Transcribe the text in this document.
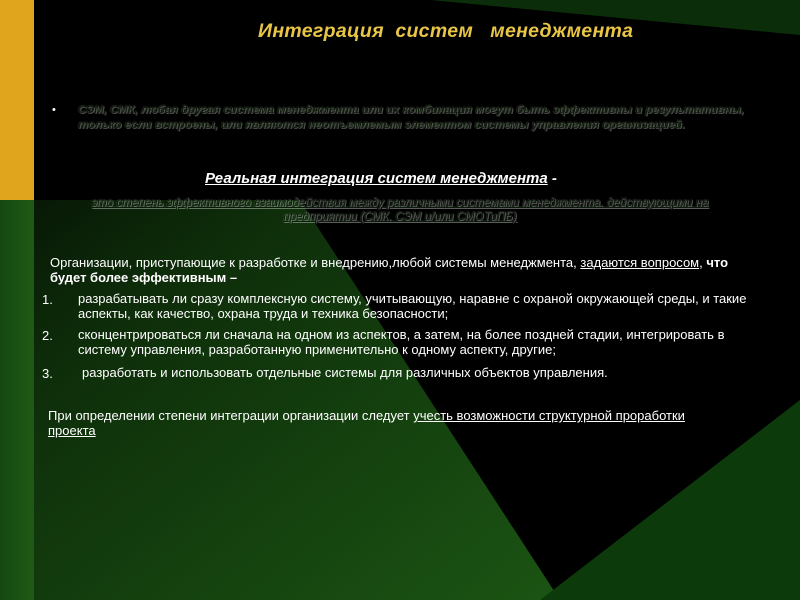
Интеграция  систем   менеджмента
• СЭМ, СМК, любая другая система менеджмента или их комбинация могут быть эффективны и результативны, только если встроены, или являются неотъемлемым элементом системы управления организацией.
Реальная интеграция систем менеджмента -
это степень эффективного взаимодействия между различными системами менеджмента, действующими на предприятии (СМК, СЭМ и/или СМОТиПБ)
Организации, приступающие к разработке и внедрению,любой системы менеджмента, задаются вопросом, что будет более эффективным –
1. разрабатывать ли сразу комплексную систему, учитывающую, наравне с охраной окружающей среды, и такие аспекты, как качество, охрана труда и техника безопасности;
2. сконцентрироваться ли сначала на одном из аспектов, а затем, на более поздней стадии, интегрировать в систему управления, разработанную применительно к одному аспекту, другие;
3. разработать и использовать отдельные системы для различных объектов управления.
При определении степени интеграции организации следует учесть возможности структурной проработки проекта
